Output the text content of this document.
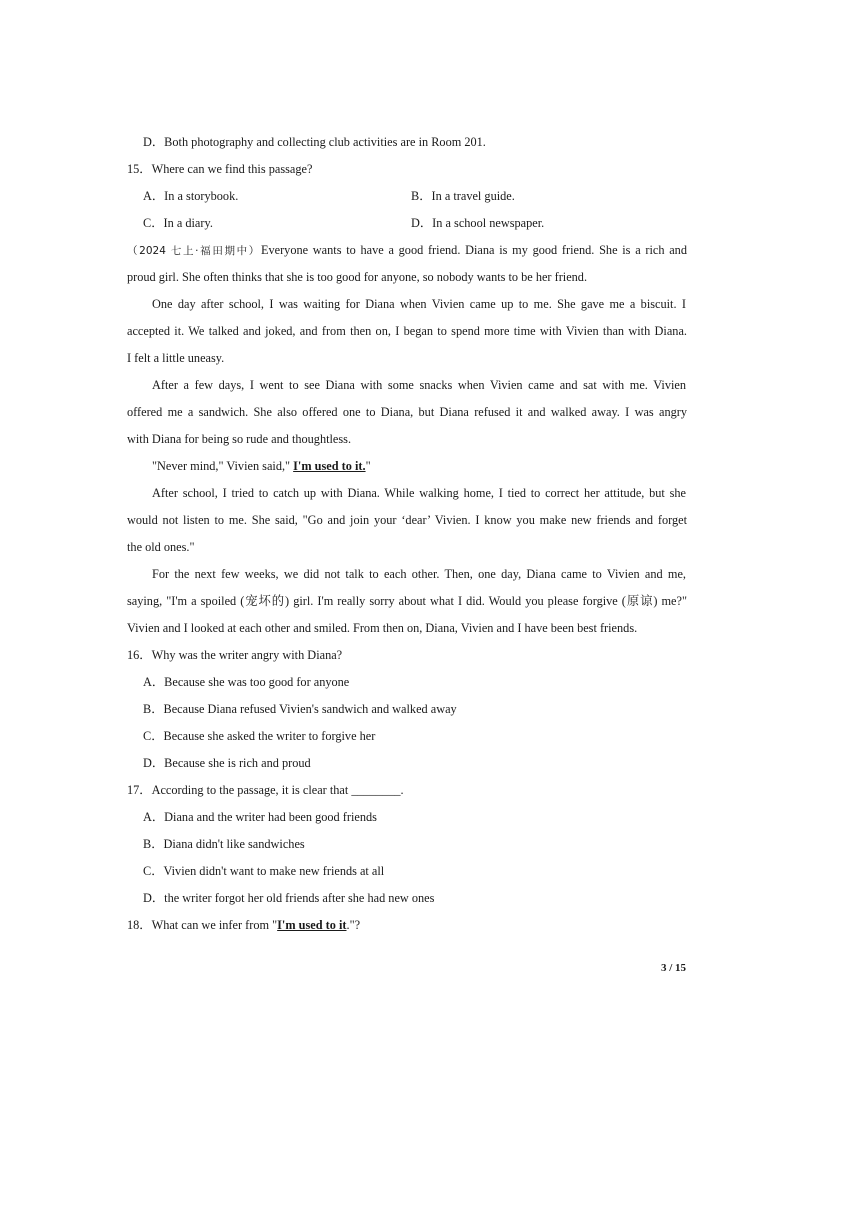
D．Both photography and collecting club activities are in Room 201.
15．Where can we find this passage?
A．In a storybook.	B．In a travel guide.
C．In a diary.	D．In a school newspaper.
（2024 七上·福田期中）Everyone wants to have a good friend. Diana is my good friend. She is a rich and
proud girl. She often thinks that she is too good for anyone, so nobody wants to be her friend.
One day after school, I was waiting for Diana when Vivien came up to me. She gave me a biscuit. I
accepted it. We talked and joked, and from then on, I began to spend more time with Vivien than with Diana.
I felt a little uneasy.
After a few days, I went to see Diana with some snacks when Vivien came and sat with me. Vivien
offered me a sandwich. She also offered one to Diana, but Diana refused it and walked away. I was angry
with Diana for being so rude and thoughtless.
"Never mind," Vivien said," I'm used to it."
After school, I tried to catch up with Diana. While walking home, I tied to correct her attitude, but she
would not listen to me. She said, "Go and join your ‘dear’ Vivien. I know you make new friends and forget
the old ones."
For the next few weeks, we did not talk to each other. Then, one day, Diana came to Vivien and me,
saying, "I'm a spoiled (宠坏的) girl. I'm really sorry about what I did. Would you please forgive (原谅) me?"
Vivien and I looked at each other and smiled. From then on, Diana, Vivien and I have been best friends.
16．Why was the writer angry with Diana?
A．Because she was too good for anyone
B．Because Diana refused Vivien's sandwich and walked away
C．Because she asked the writer to forgive her
D．Because she is rich and proud
17．According to the passage, it is clear that ________.
A．Diana and the writer had been good friends
B．Diana didn't like sandwiches
C．Vivien didn't want to make new friends at all
D．the writer forgot her old friends after she had new ones
18．What can we infer from "I'm used to it."?
3 / 15
